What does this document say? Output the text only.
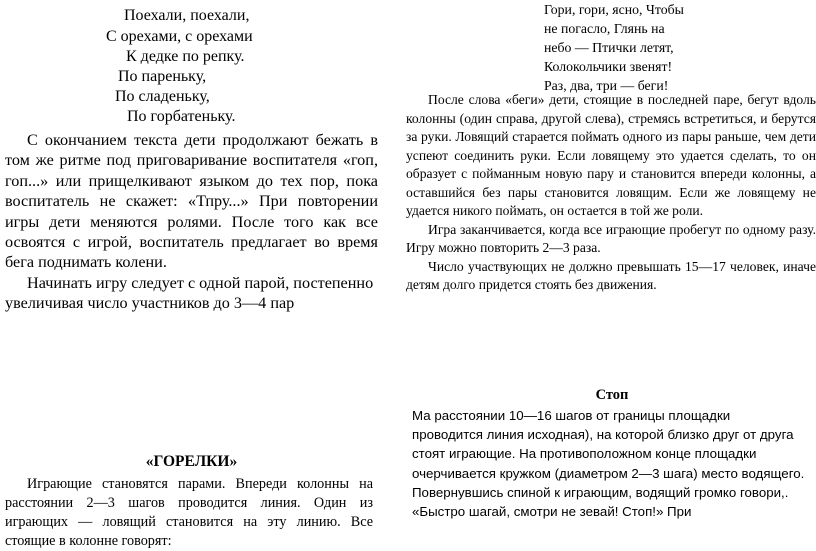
Поехали, поехали,
С орехами, с орехами
К дедке по репку.
По пареньку,
По сладеньку,
По горбатеньку.

С окончанием текста дети продолжают бежать в том же ритме под приговаривание воспитателя «гоп, гоп...» или прищелкивают языком до тех пор, пока воспитатель не скажет: «Тпру...» При повторении игры дети меняются ролями. После того как все освоятся с игрой, воспитатель предлагает во время бега поднимать колени.

Начинать игру следует с одной парой, постепенно увеличивая число участников до 3—4 пар

Гори, гори, ясно, Чтобы
не погасло, Глянь на
небо — Птички летят,
Колокольчики звенят!
Раз, два, три — беги!

После слова «беги» дети, стоящие в последней паре, бегут вдоль колонны (один справа, другой слева), стремясь встретиться, и берутся за руки. Ловящий старается поймать одного из пары раньше, чем дети успеют соединить руки. Если ловящему это удается сделать, то он образует с пойманным новую пару и становится впереди колонны, а оставшийся без пары становится ловящим. Если же ловящему не удается никого поймать, он остается в той же роли.

Игра заканчивается, когда все играющие пробегут по одному разу. Игру можно повторить 2—3 раза.

Число участвующих не должно превышать 15—17 человек, иначе детям долго придется стоять без движения.

«ГОРЕЛКИ»

Играющие становятся парами. Впереди колонны на расстоянии 2—3 шагов проводится линия. Один из играющих — ловящий становится на эту линию. Все стоящие в колонне говорят:

Стоп
Ма расстоянии 10—16 шагов от границы площадки
проводится линия исходная), на которой близко друг от друга
стоят играющие. На противоположном конце площадки
очерчивается кружком (диаметром 2—3 шага) место водящего.
Повернувшись спиной к играющим, водящий громко говори,.
«Быстро шагай, смотри не зевай! Стоп!» При
